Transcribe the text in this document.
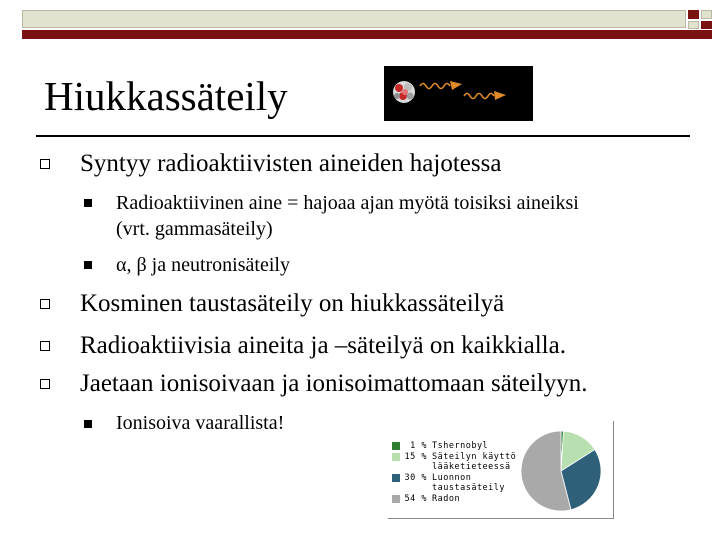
Hiukkassäteily
Syntyy radioaktiivisten aineiden hajotessa
Radioaktiivinen aine = hajoaa ajan myötä toisiksi aineiksi
(vrt. gammasäteily)
α, β ja neutronisäteily
Kosminen taustasäteily on hiukkassäteilyä
Radioaktiivisia aineita ja –säteilyä on kaikkialla.
Jaetaan ionisoivaan ja ionisoimattomaan säteilyyn.
Ionisoiva vaarallista!
1 % Tshernobyl
15 % Säteilyn käyttö
lääketieteessä
30 % Luonnon
taustasäteily
54 % Radon
